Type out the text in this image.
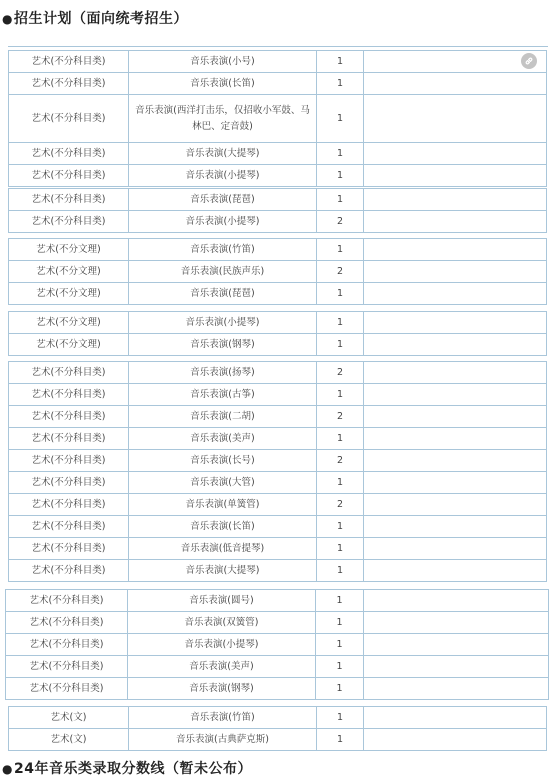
●招生计划（面向统考招生）
艺术(不分科目类)	音乐表演(小号)	1	
艺术(不分科目类)	音乐表演(长笛)	1	
艺术(不分科目类)	音乐表演(西洋打击乐，仅招收小军鼓、马林巴、定音鼓)	1	
艺术(不分科目类)	音乐表演(大提琴)	1	
艺术(不分科目类)	音乐表演(小提琴)	1	
艺术(不分科目类)	音乐表演(琵琶)	1	
艺术(不分科目类)	音乐表演(小提琴)	2	
艺术(不分文理)	音乐表演(竹笛)	1	
艺术(不分文理)	音乐表演(民族声乐)	2	
艺术(不分文理)	音乐表演(琵琶)	1	
艺术(不分文理)	音乐表演(小提琴)	1	
艺术(不分文理)	音乐表演(钢琴)	1	
艺术(不分科目类)	音乐表演(扬琴)	2	
艺术(不分科目类)	音乐表演(古筝)	1	
艺术(不分科目类)	音乐表演(二胡)	2	
艺术(不分科目类)	音乐表演(美声)	1	
艺术(不分科目类)	音乐表演(长号)	2	
艺术(不分科目类)	音乐表演(大管)	1	
艺术(不分科目类)	音乐表演(单簧管)	2	
艺术(不分科目类)	音乐表演(长笛)	1	
艺术(不分科目类)	音乐表演(低音提琴)	1	
艺术(不分科目类)	音乐表演(大提琴)	1	
艺术(不分科目类)	音乐表演(圆号)	1	
艺术(不分科目类)	音乐表演(双簧管)	1	
艺术(不分科目类)	音乐表演(小提琴)	1	
艺术(不分科目类)	音乐表演(美声)	1	
艺术(不分科目类)	音乐表演(钢琴)	1	
艺术(文)	音乐表演(竹笛)	1	
艺术(文)	音乐表演(古典萨克斯)	1	
●24年音乐类录取分数线（暂未公布）
